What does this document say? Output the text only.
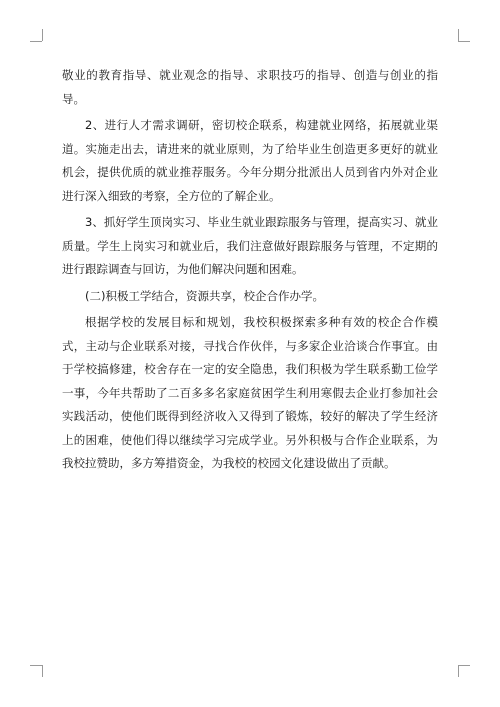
敬业的教育指导、就业观念的指导、求职技巧的指导、创造与创业的指导。

2、进行人才需求调研，密切校企联系，构建就业网络，拓展就业渠道。实施走出去，请进来的就业原则，为了给毕业生创造更多更好的就业机会，提供优质的就业推荐服务。今年分期分批派出人员到省内外对企业进行深入细致的考察，全方位的了解企业。

3、抓好学生顶岗实习、毕业生就业跟踪服务与管理，提高实习、就业质量。学生上岗实习和就业后，我们注意做好跟踪服务与管理，不定期的进行跟踪调查与回访，为他们解决问题和困难。

(二)积极工学结合，资源共享，校企合作办学。

根据学校的发展目标和规划，我校积极探索多种有效的校企合作模式，主动与企业联系对接，寻找合作伙伴，与多家企业洽谈合作事宜。由于学校搞修建，校舍存在一定的安全隐患，我们积极为学生联系勤工俭学一事，今年共帮助了二百多多名家庭贫困学生利用寒假去企业打参加社会实践活动，使他们既得到经济收入又得到了锻炼，较好的解决了学生经济上的困难，使他们得以继续学习完成学业。另外积极与合作企业联系，为我校拉赞助，多方筹措资金，为我校的校园文化建设做出了贡献。
